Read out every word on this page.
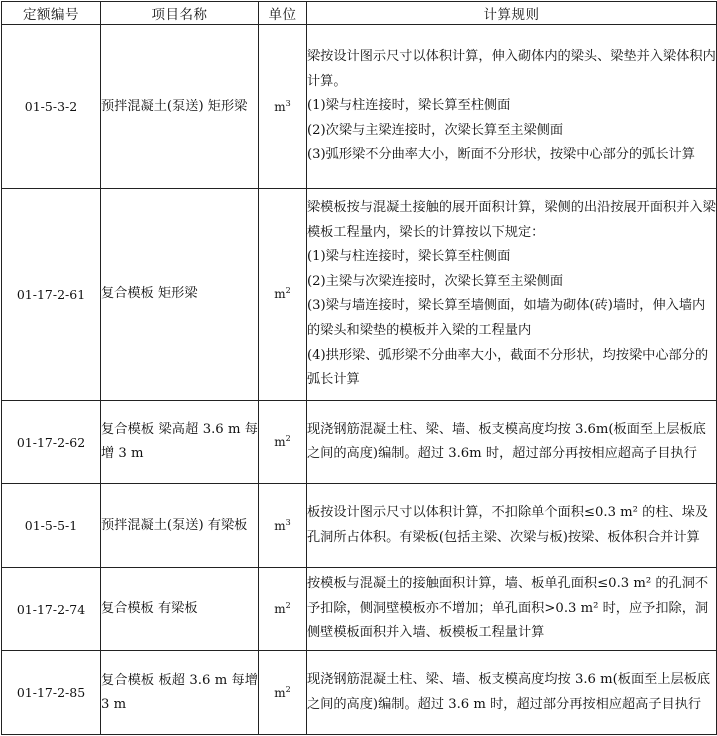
定额编号	项目名称	单位	计算规则
01-5-3-2	预拌混凝土(泵送) 矩形梁	$m^3$	梁按设计图示尺寸以体积计算，伸入砌体内的梁头、梁垫并入梁体积内计算。
(1)梁与柱连接时，梁长算至柱侧面
(2)次梁与主梁连接时，次梁长算至主梁侧面
(3)弧形梁不分曲率大小，断面不分形状，按梁中心部分的弧长计算

01-17-2-61	复合模板 矩形梁	$m^2$	梁模板按与混凝土接触的展开面积计算，梁侧的出沿按展开面积并入梁模板工程量内，梁长的计算按以下规定：
(1)梁与柱连接时，梁长算至柱侧面
(2)主梁与次梁连接时，次梁长算至主梁侧面
(3)梁与墙连接时，梁长算至墙侧面，如墙为砌体(砖)墙时，伸入墙内的梁头和梁垫的模板并入梁的工程量内
(4)拱形梁、弧形梁不分曲率大小，截面不分形状，均按梁中心部分的弧长计算

01-17-2-62	复合模板 梁高超 3.6 m 每增 3 m	$m^2$	现浇钢筋混凝土柱、梁、墙、板支模高度均按 3.6m(板面至上层板底之间的高度)编制。超过 3.6m 时，超过部分再按相应超高子目执行

01-5-5-1	预拌混凝土(泵送) 有梁板	$m^3$	板按设计图示尺寸以体积计算，不扣除单个面积≤0.3 m² 的柱、垛及孔洞所占体积。有梁板(包括主梁、次梁与板)按梁、板体积合并计算

01-17-2-74	复合模板 有梁板	$m^2$	按模板与混凝土的接触面积计算，墙、板单孔面积≤0.3 m² 的孔洞不予扣除，侧洞壁模板亦不增加；单孔面积>0.3 m² 时，应予扣除，洞侧壁模板面积并入墙、板模板工程量计算

01-17-2-85	复合模板 板超 3.6 m 每增 3 m	$m^2$	现浇钢筋混凝土柱、梁、墙、板支模高度均按 3.6 m(板面至上层板底之间的高度)编制。超过 3.6 m 时，超过部分再按相应超高子目执行
